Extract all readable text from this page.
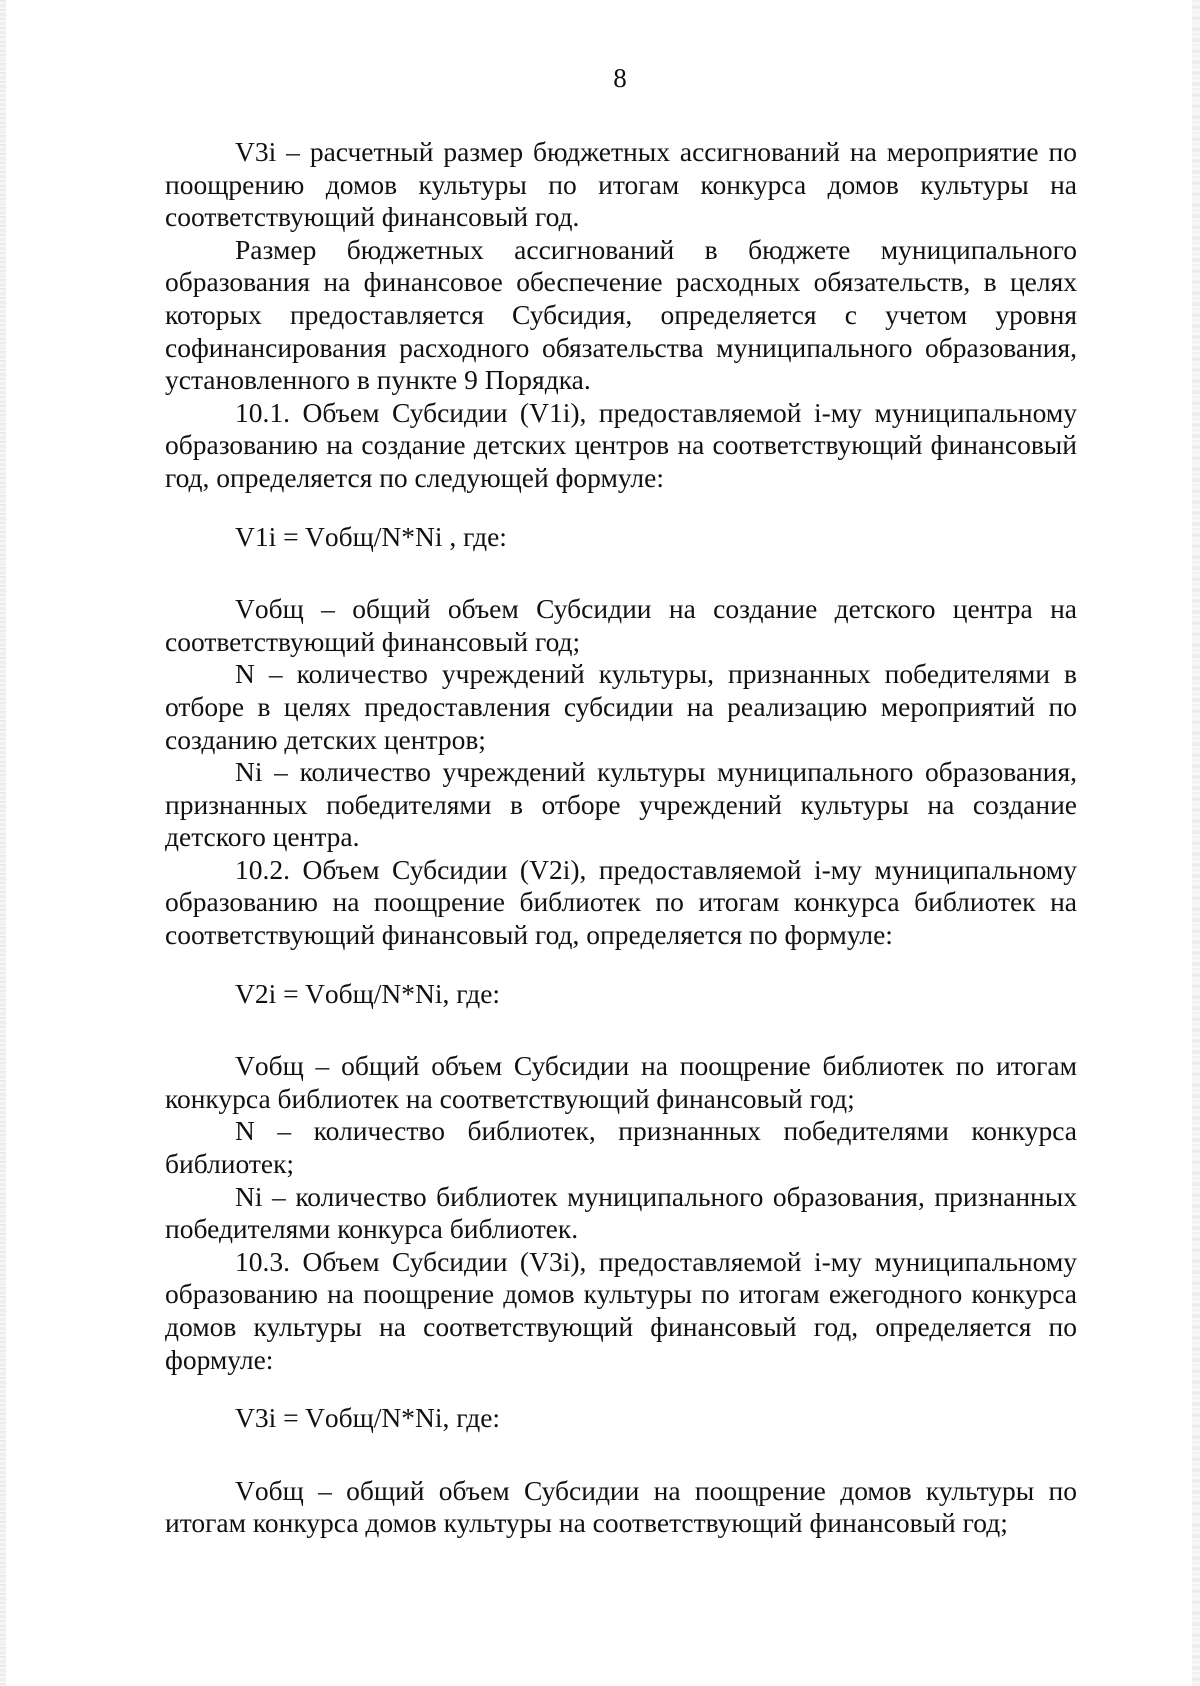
8

V3i – расчетный размер бюджетных ассигнований на мероприятие по поощрению домов культуры по итогам конкурса домов культуры на соответствующий финансовый год.

Размер бюджетных ассигнований в бюджете муниципального образования на финансовое обеспечение расходных обязательств, в целях которых предоставляется Субсидия, определяется с учетом уровня софинансирования расходного обязательства муниципального образования, установленного в пункте 9 Порядка.

10.1. Объем Субсидии (V1i), предоставляемой i-му муниципальному образованию на создание детских центров на соответствующий финансовый год, определяется по следующей формуле:

V1i = Vобщ/N*Ni , где:

Vобщ – общий объем Субсидии на создание детского центра на соответствующий финансовый год;

N – количество учреждений культуры, признанных победителями в отборе в целях предоставления субсидии на реализацию мероприятий по созданию детских центров;

Ni – количество учреждений культуры муниципального образования, признанных победителями в отборе учреждений культуры на создание детского центра.

10.2. Объем Субсидии (V2i), предоставляемой i-му муниципальному образованию на поощрение библиотек по итогам конкурса библиотек на соответствующий финансовый год, определяется по формуле:

V2i = Vобщ/N*Ni, где:

Vобщ – общий объем Субсидии на поощрение библиотек по итогам конкурса библиотек на соответствующий финансовый год;

N – количество библиотек, признанных победителями конкурса библиотек;

Ni – количество библиотек муниципального образования, признанных победителями конкурса библиотек.

10.3. Объем Субсидии (V3i), предоставляемой i-му муниципальному образованию на поощрение домов культуры по итогам ежегодного конкурса домов культуры на соответствующий финансовый год, определяется по формуле:

V3i = Vобщ/N*Ni, где:

Vобщ – общий объем Субсидии на поощрение домов культуры по итогам конкурса домов культуры на соответствующий финансовый год;
